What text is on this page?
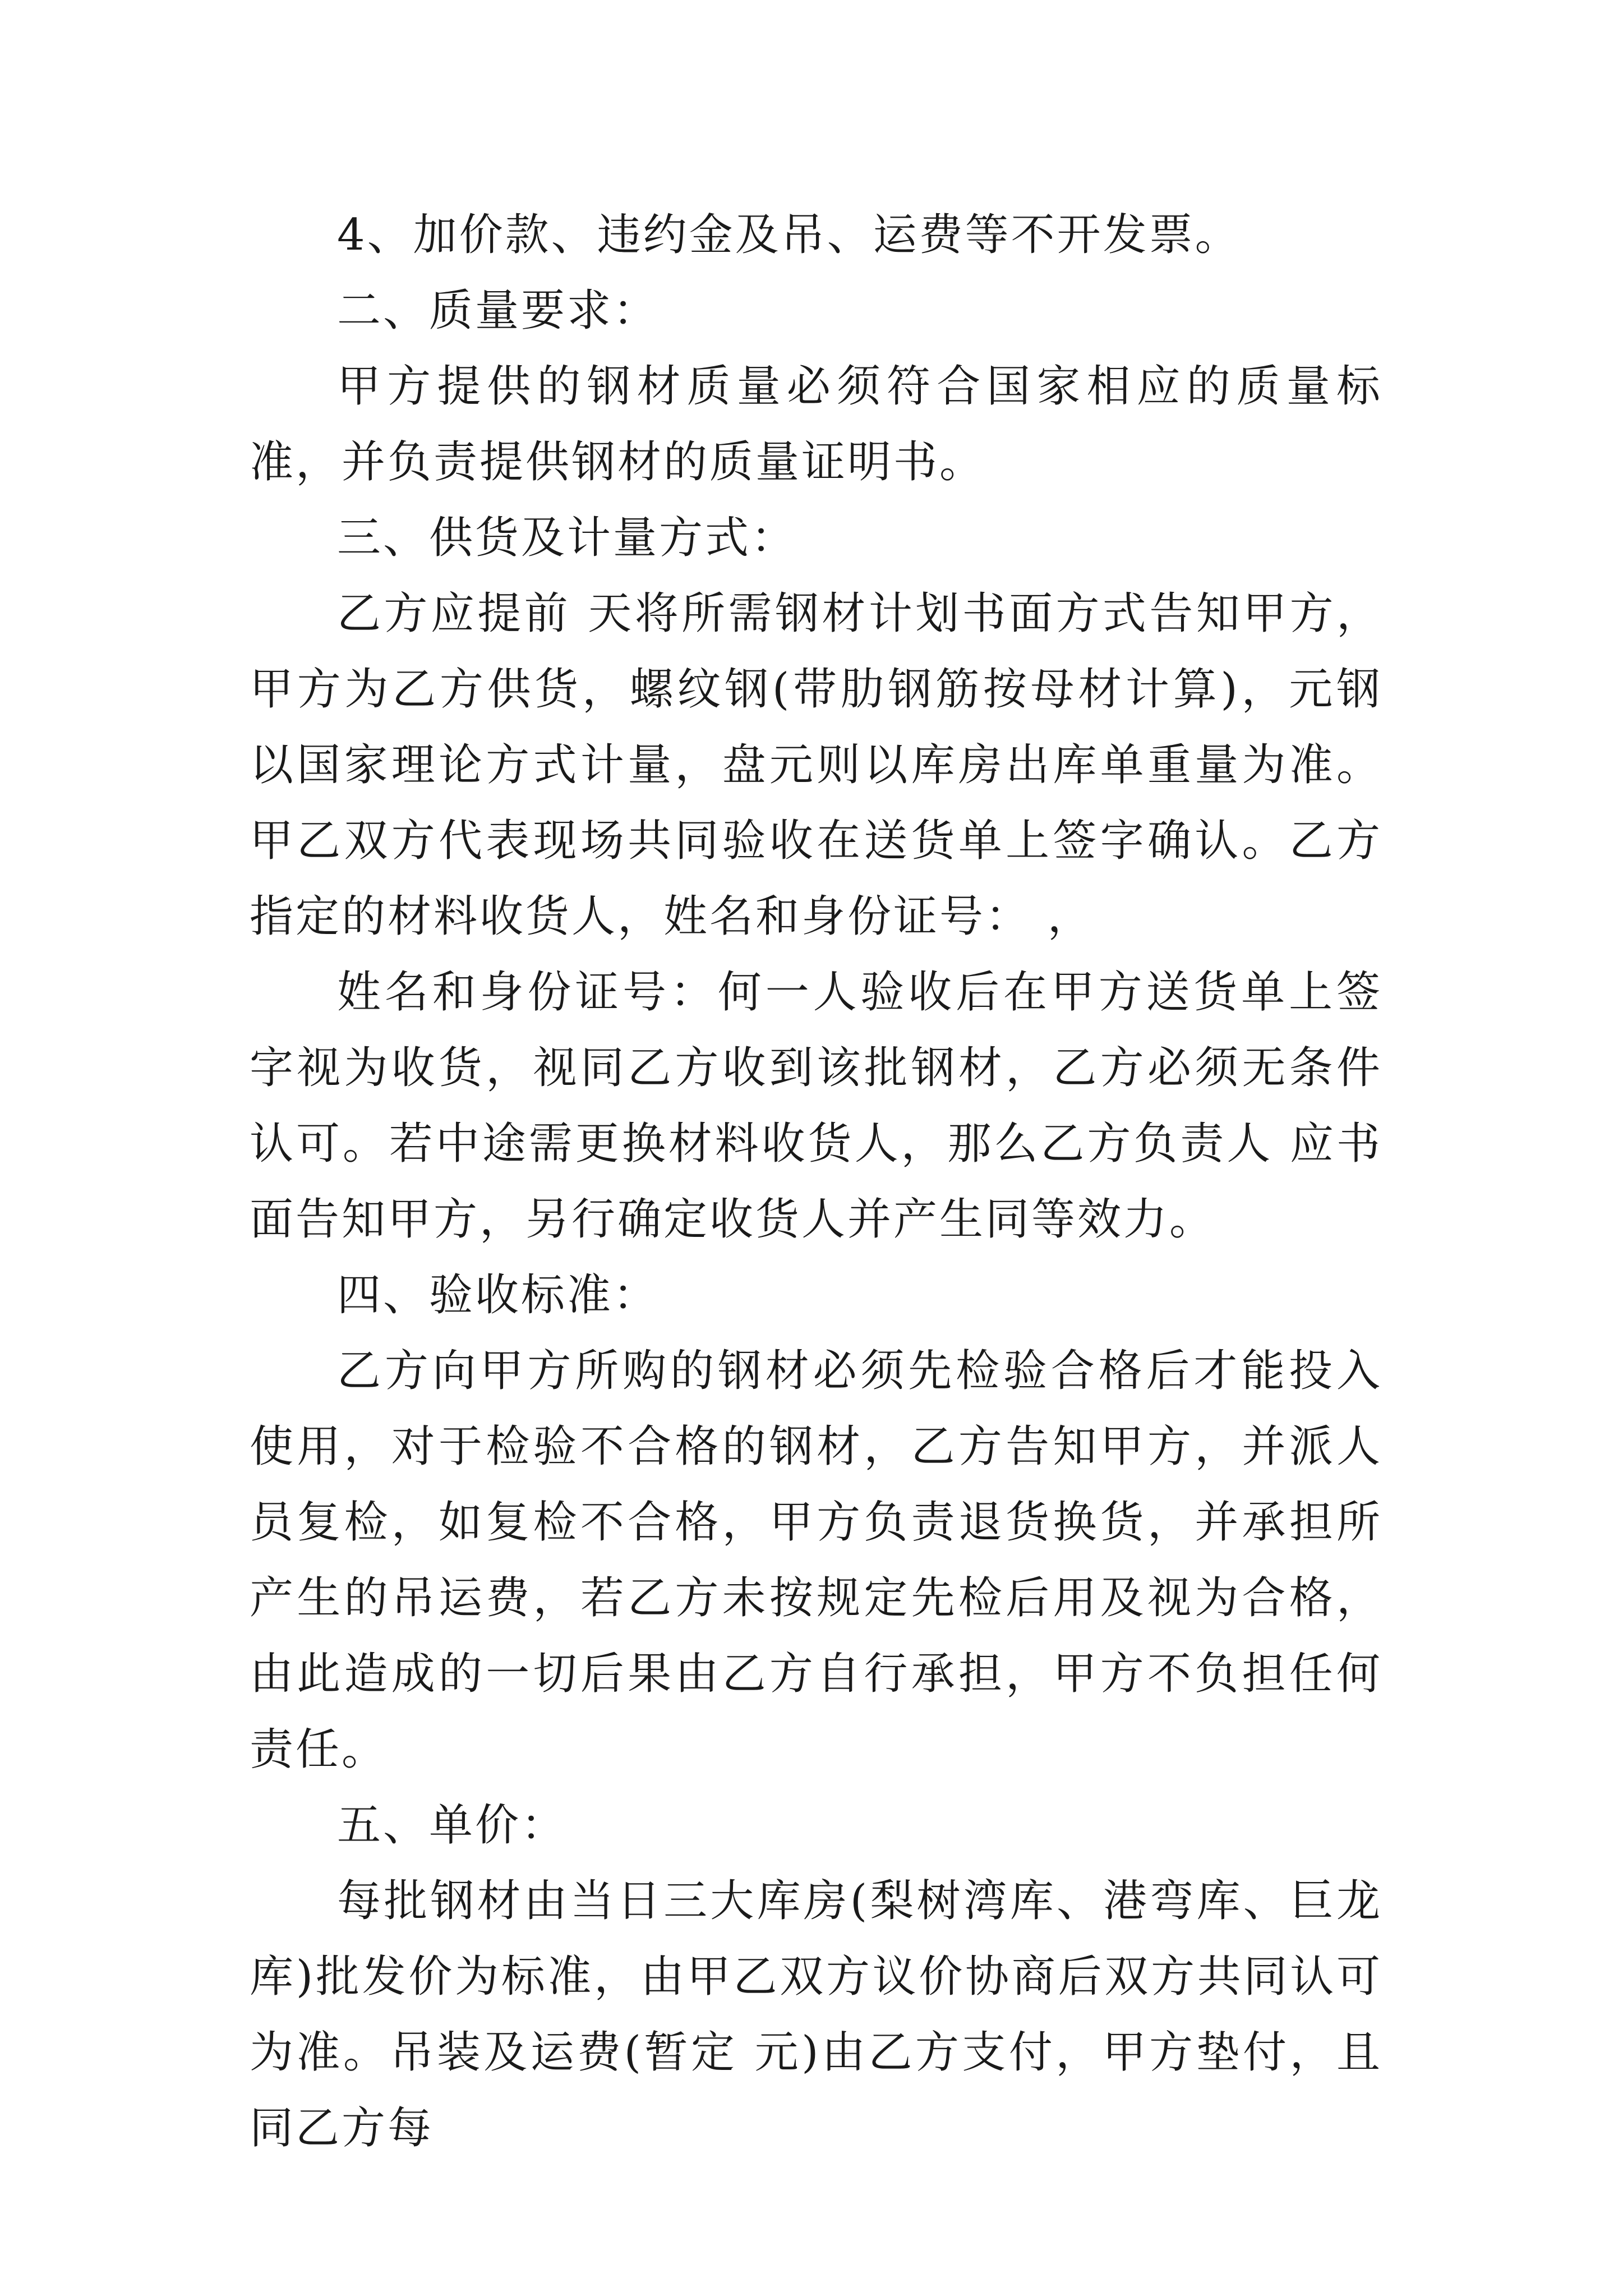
4、加价款、违约金及吊、运费等不开发票。

二、质量要求：

甲方提供的钢材质量必须符合国家相应的质量标准，并负责提供钢材的质量证明书。

三、供货及计量方式：

乙方应提前 天将所需钢材计划书面方式告知甲方，甲方为乙方供货，螺纹钢(带肋钢筋按母材计算)，元钢以国家理论方式计量，盘元则以库房出库单重量为准。甲乙双方代表现场共同验收在送货单上签字确认。乙方指定的材料收货人，姓名和身份证号： ，

姓名和身份证号：何一人验收后在甲方送货单上签字视为收货，视同乙方收到该批钢材，乙方必须无条件认可。若中途需更换材料收货人，那么乙方负责人 应书面告知甲方，另行确定收货人并产生同等效力。

四、验收标准：

乙方向甲方所购的钢材必须先检验合格后才能投入使用，对于检验不合格的钢材，乙方告知甲方，并派人员复检，如复检不合格，甲方负责退货换货，并承担所产生的吊运费，若乙方未按规定先检后用及视为合格，由此造成的一切后果由乙方自行承担，甲方不负担任何责任。

五、单价：

每批钢材由当日三大库房(梨树湾库、港弯库、巨龙库)批发价为标准，由甲乙双方议价协商后双方共同认可为准。吊装及运费(暂定 元)由乙方支付，甲方垫付，且同乙方每
